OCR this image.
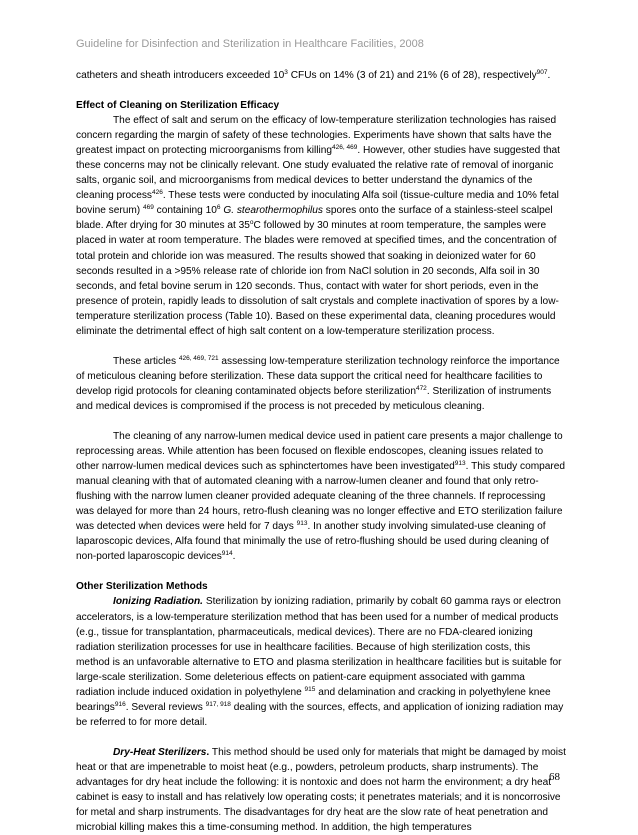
Guideline for Disinfection and Sterilization in Healthcare Facilities, 2008

catheters and sheath introducers exceeded $10^3$ CFUs on 14% (3 of 21) and 21% (6 of 28), respectively$^{907}$.

Effect of Cleaning on Sterilization Efficacy

The effect of salt and serum on the efficacy of low-temperature sterilization technologies has raised concern regarding the margin of safety of these technologies. Experiments have shown that salts have the greatest impact on protecting microorganisms from killing$^{426, 469}$. However, other studies have suggested that these concerns may not be clinically relevant. One study evaluated the relative rate of removal of inorganic salts, organic soil, and microorganisms from medical devices to better understand the dynamics of the cleaning process$^{426}$. These tests were conducted by inoculating Alfa soil (tissue-culture media and 10% fetal bovine serum) $^{469}$ containing $10^6$ G. stearothermophilus spores onto the surface of a stainless-steel scalpel blade. After drying for 30 minutes at 35$^o$C followed by 30 minutes at room temperature, the samples were placed in water at room temperature. The blades were removed at specified times, and the concentration of total protein and chloride ion was measured. The results showed that soaking in deionized water for 60 seconds resulted in a >95% release rate of chloride ion from NaCl solution in 20 seconds, Alfa soil in 30 seconds, and fetal bovine serum in 120 seconds. Thus, contact with water for short periods, even in the presence of protein, rapidly leads to dissolution of salt crystals and complete inactivation of spores by a low-temperature sterilization process (Table 10). Based on these experimental data, cleaning procedures would eliminate the detrimental effect of high salt content on a low-temperature sterilization process.

These articles $^{426, 469, 721}$ assessing low-temperature sterilization technology reinforce the importance of meticulous cleaning before sterilization. These data support the critical need for healthcare facilities to develop rigid protocols for cleaning contaminated objects before sterilization$^{472}$. Sterilization of instruments and medical devices is compromised if the process is not preceded by meticulous cleaning.

The cleaning of any narrow-lumen medical device used in patient care presents a major challenge to reprocessing areas. While attention has been focused on flexible endoscopes, cleaning issues related to other narrow-lumen medical devices such as sphinctertomes have been investigated$^{913}$. This study compared manual cleaning with that of automated cleaning with a narrow-lumen cleaner and found that only retro-flushing with the narrow lumen cleaner provided adequate cleaning of the three channels. If reprocessing was delayed for more than 24 hours, retro-flush cleaning was no longer effective and ETO sterilization failure was detected when devices were held for 7 days $^{913}$. In another study involving simulated-use cleaning of laparoscopic devices, Alfa found that minimally the use of retro-flushing should be used during cleaning of non-ported laparoscopic devices$^{914}$.

Other Sterilization Methods

Ionizing Radiation. Sterilization by ionizing radiation, primarily by cobalt 60 gamma rays or electron accelerators, is a low-temperature sterilization method that has been used for a number of medical products (e.g., tissue for transplantation, pharmaceuticals, medical devices). There are no FDA-cleared ionizing radiation sterilization processes for use in healthcare facilities. Because of high sterilization costs, this method is an unfavorable alternative to ETO and plasma sterilization in healthcare facilities but is suitable for large-scale sterilization. Some deleterious effects on patient-care equipment associated with gamma radiation include induced oxidation in polyethylene $^{915}$ and delamination and cracking in polyethylene knee bearings$^{916}$. Several reviews $^{917, 918}$ dealing with the sources, effects, and application of ionizing radiation may be referred to for more detail.

Dry-Heat Sterilizers. This method should be used only for materials that might be damaged by moist heat or that are impenetrable to moist heat (e.g., powders, petroleum products, sharp instruments). The advantages for dry heat include the following: it is nontoxic and does not harm the environment; a dry heat cabinet is easy to install and has relatively low operating costs; it penetrates materials; and it is noncorrosive for metal and sharp instruments. The disadvantages for dry heat are the slow rate of heat penetration and microbial killing makes this a time-consuming method. In addition, the high temperatures

68
